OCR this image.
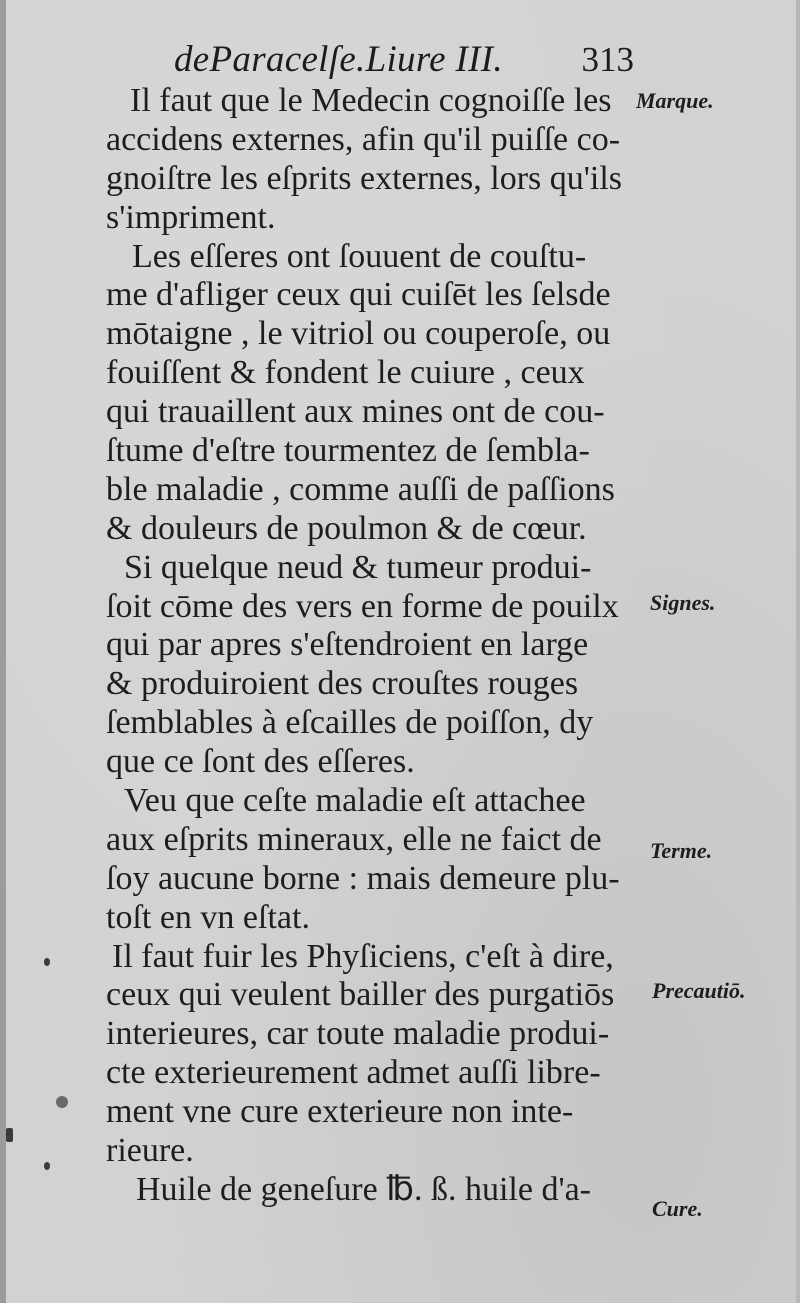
deParacelſe.Liure III. 313
Il faut que le Medecin cognoiſſe les
accidens externes, afin qu'il puiſſe co-
gnoiſtre les eſprits externes, lors qu'ils
s'impriment.
Les eſſeres ont ſouuent de couſtu-
me d'afliger ceux qui cuiſēt les ſelsde
mōtaigne , le vitriol ou couperoſe, ou
fouiſſent & fondent le cuiure , ceux
qui trauaillent aux mines ont de cou-
ſtume d'eſtre tourmentez de ſembla-
ble maladie , comme auſſi de paſſions
& douleurs de poulmon & de cœur.
Si quelque neud & tumeur produi-
ſoit cōme des vers en forme de pouilx
qui par apres s'eſtendroient en large
& produiroient des crouſtes rouges
ſemblables à eſcailles de poiſſon, dy
que ce ſont des eſſeres.
Veu que ceſte maladie eſt attachee
aux eſprits mineraux, elle ne faict de
ſoy aucune borne : mais demeure plu-
toſt en vn eſtat.
Il faut fuir les Phyſiciens, c'eſt à dire,
ceux qui veulent bailler des purgatiōs
interieures, car toute maladie produi-
cte exterieurement admet auſſi libre-
ment vne cure exterieure non inte-
rieure.
Huile de geneſure ℔. ß. huile d'a-
Marque.
Signes.
Terme.
Precautiō.
Cure.
